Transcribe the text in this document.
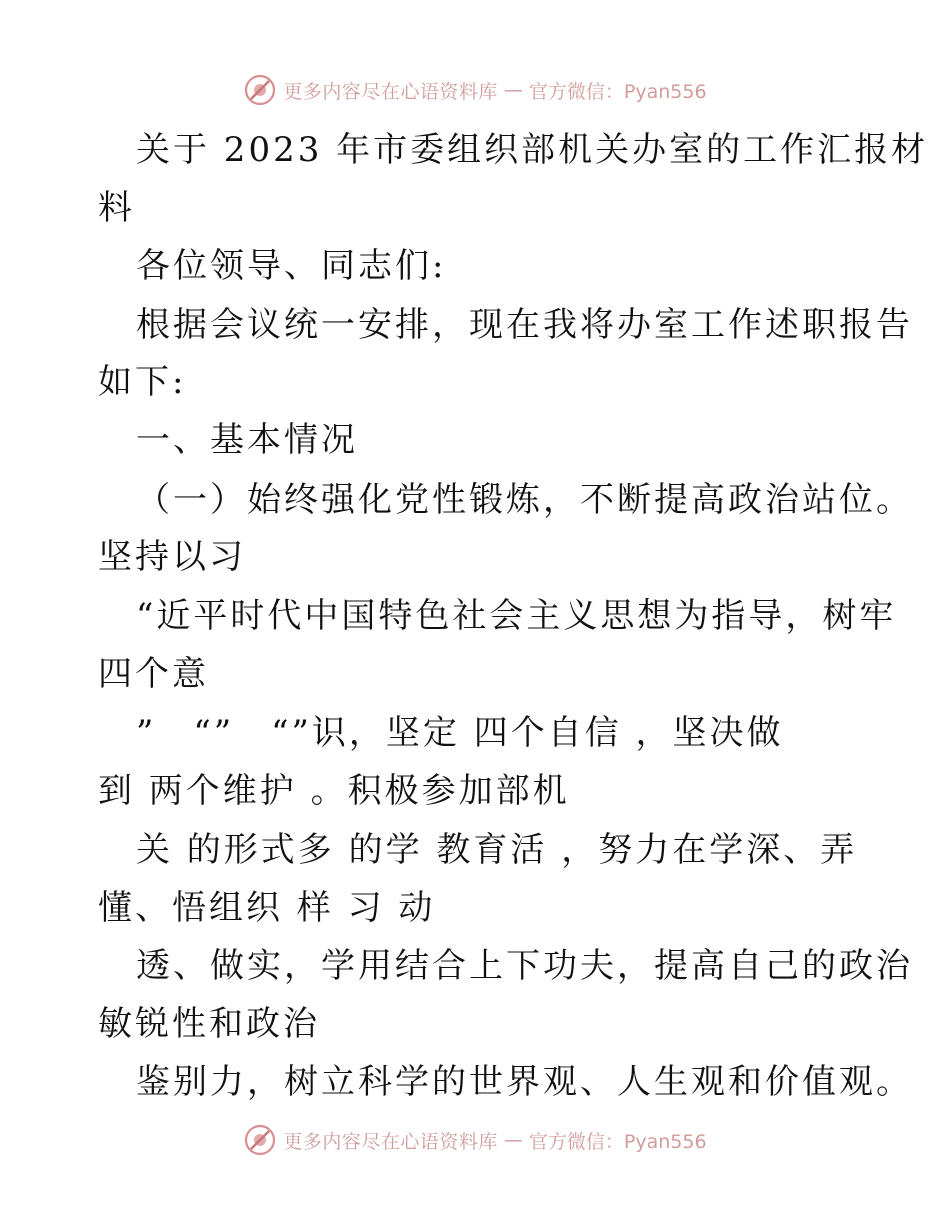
更多内容尽在心语资料库 — 官方微信：Pyan556
关于 2023 年市委组织部机关办室的工作汇报材
料
各位领导、同志们:
根据会议统一安排，现在我将办室工作述职报告
如下:
一、基本情况
（一）始终强化党性锻炼，不断提高政治站位。
坚持以习
“近平时代中国特色社会主义思想为指导，树牢
四个意
”　“”　“”识，坚定 四个自信 ，坚决做
到 两个维护 。积极参加部机
关 的形式多 的学 教育活 ，努力在学深、弄
懂、悟组织 样 习 动
透、做实，学用结合上下功夫，提高自己的政治
敏锐性和政治
鉴别力，树立科学的世界观、人生观和价值观。
更多内容尽在心语资料库 — 官方微信：Pyan556
